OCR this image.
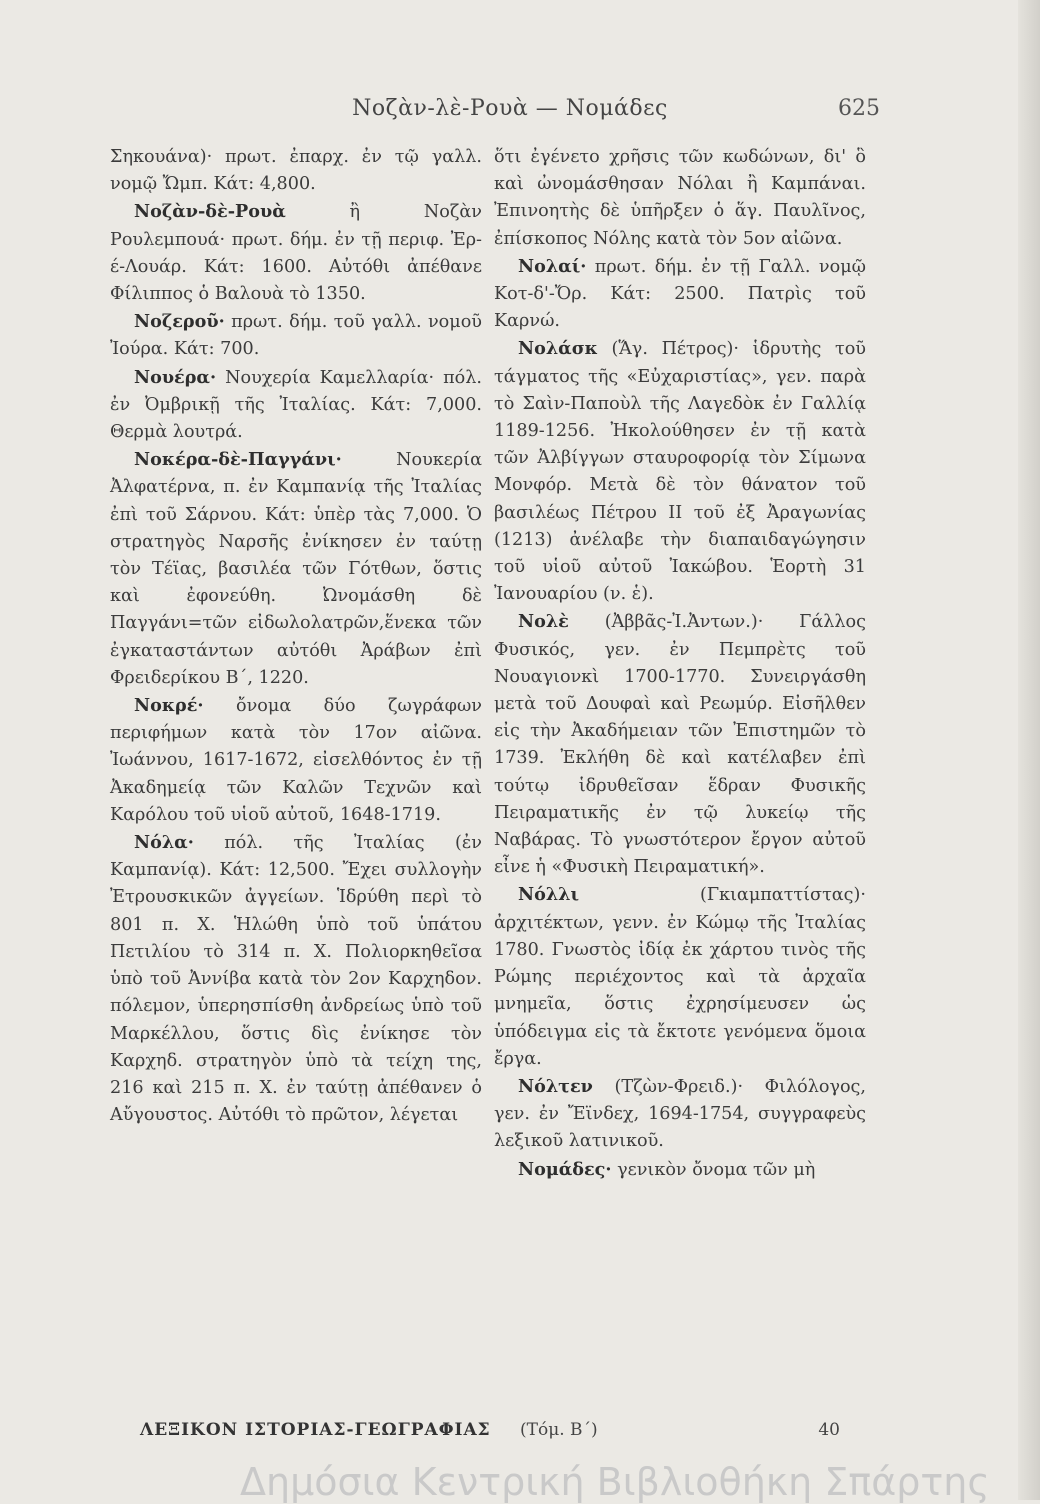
Νοζὰν-λὲ-Ρουὰ — Νομάδες	625

Σηκουάνα)· πρωτ. ἐπαρχ. ἐν τῷ γαλλ. νομῷ Ὤμπ. Κάτ: 4,800.

Νοζὰν-δὲ-Ρουὰ ἢ Νοζὰν Ρουλεμπουά· πρωτ. δήμ. ἐν τῇ περιφ. Ἐρ-έ-Λουάρ. Κάτ: 1600. Αὐτόθι ἀπέθανε Φίλιππος ὁ Βαλουὰ τὸ 1350.

Νοζεροῦ· πρωτ. δήμ. τοῦ γαλλ. νομοῦ Ἰούρα. Κάτ: 700.

Νουέρα· Νουχερία Καμελλαρία· πόλ. ἐν Ὀμβρικῇ τῆς Ἰταλίας. Κάτ: 7,000. Θερμὰ λουτρά.

Νοκέρα-δὲ-Παγγάνι· Νουκερία Ἀλφατέρνα, π. ἐν Καμπανίᾳ τῆς Ἰταλίας ἐπὶ τοῦ Σάρνου. Κάτ: ὑπὲρ τὰς 7,000. Ὁ στρατηγὸς Ναρσῆς ἐνίκησεν ἐν ταύτῃ τὸν Τέϊας, βασιλέα τῶν Γότθων, ὅστις καὶ ἐφονεύθη. Ὠνομάσθη δὲ Παγγάνι=τῶν εἰδωλολατρῶν,ἕνεκα τῶν ἐγκαταστάντων αὐτόθι Ἀράβων ἐπὶ Φρειδερίκου Β΄, 1220.

Νοκρέ· ὄνομα δύο ζωγράφων περιφήμων κατὰ τὸν 17ον αἰῶνα. Ἰωάννου, 1617-1672, εἰσελθόντος ἐν τῇ Ἀκαδημείᾳ τῶν Καλῶν Τεχνῶν καὶ Καρόλου τοῦ υἱοῦ αὐτοῦ, 1648-1719.

Νόλα· πόλ. τῆς Ἰταλίας (ἐν Καμπανίᾳ). Κάτ: 12,500. Ἔχει συλλογὴν Ἐτρουσκικῶν ἀγγείων. Ἱδρύθη περὶ τὸ 801 π. Χ. Ἡλώθη ὑπὸ τοῦ ὑπάτου Πετιλίου τὸ 314 π. Χ. Πολιορκηθεῖσα ὑπὸ τοῦ Ἀννίβα κατὰ τὸν 2ον Καρχηδον. πόλεμον, ὑπερησπίσθη ἀνδρείως ὑπὸ τοῦ Μαρκέλλου, ὅστις δὶς ἐνίκησε τὸν Καρχηδ. στρατηγὸν ὑπὸ τὰ τείχη της, 216 καὶ 215 π. Χ. ἐν ταύτῃ ἀπέθανεν ὁ Αὔγουστος. Αὐτόθι τὸ πρῶτον, λέγεται

ὅτι ἐγένετο χρῆσις τῶν κωδώνων, δι' ὃ καὶ ὠνομάσθησαν Νόλαι ἢ Καμπάναι. Ἐπινοητὴς δὲ ὑπῆρξεν ὁ ἅγ. Παυλῖνος, ἐπίσκοπος Νόλης κατὰ τὸν 5ον αἰῶνα.

Νολαί· πρωτ. δήμ. ἐν τῇ Γαλλ. νομῷ Κοτ-δ'-Ὄρ. Κάτ: 2500. Πατρὶς τοῦ Καρνώ.

Νολάσκ (Ἅγ. Πέτρος)· ἱδρυτὴς τοῦ τάγματος τῆς «Εὐχαριστίας», γεν. παρὰ τὸ Σαὶν-Παποὺλ τῆς Λαγεδὸκ ἐν Γαλλίᾳ 1189-1256. Ἠκολούθησεν ἐν τῇ κατὰ τῶν Ἀλβίγγων σταυροφορίᾳ τὸν Σίμωνα Μονφόρ. Μετὰ δὲ τὸν θάνατον τοῦ βασιλέως Πέτρου ΙΙ τοῦ ἐξ Ἀραγωνίας (1213) ἀνέλαβε τὴν διαπαιδαγώγησιν τοῦ υἱοῦ αὐτοῦ Ἰακώβου. Ἑορτὴ 31 Ἰανουαρίου (ν. ἑ).

Νολὲ (Ἀββᾶς-Ἰ.Ἀντων.)· Γάλλος Φυσικός, γεν. ἐν Πεμπρὲτς τοῦ Νουαγιονκὶ 1700-1770. Συνειργάσθη μετὰ τοῦ Δουφαὶ καὶ Ρεωμύρ. Εἰσῆλθεν εἰς τὴν Ἀκαδήμειαν τῶν Ἐπιστημῶν τὸ 1739. Ἐκλήθη δὲ καὶ κατέλαβεν ἐπὶ τούτῳ ἱδρυθεῖσαν ἕδραν Φυσικῆς Πειραματικῆς ἐν τῷ λυκείῳ τῆς Ναβάρας. Τὸ γνωστότερον ἔργον αὐτοῦ εἶνε ἡ «Φυσικὴ Πειραματική».

Νόλλι (Γκιαμπαττίστας)· ἀρχιτέκτων, γενν. ἐν Κώμῳ τῆς Ἰταλίας 1780. Γνωστὸς ἰδίᾳ ἐκ χάρτου τινὸς τῆς Ρώμης περιέχοντος καὶ τὰ ἀρχαῖα μνημεῖα, ὅστις ἐχρησίμευσεν ὡς ὑπόδειγμα εἰς τὰ ἔκτοτε γενόμενα ὅμοια ἔργα.

Νόλτεν (Τζὼν-Φρειδ.)· Φιλόλογος, γεν. ἐν Ἔϊνδεχ, 1694-1754, συγγραφεὺς λεξικοῦ λατινικοῦ.

Νομάδες· γενικὸν ὄνομα τῶν μὴ

ΛΕΞΙΚΟΝ ΙΣΤΟΡΙΑΣ-ΓΕΩΓΡΑΦΙΑΣ (Τόμ. Β΄)	40
Δημόσια Κεντρική Βιβλιοθήκη Σπάρτης
